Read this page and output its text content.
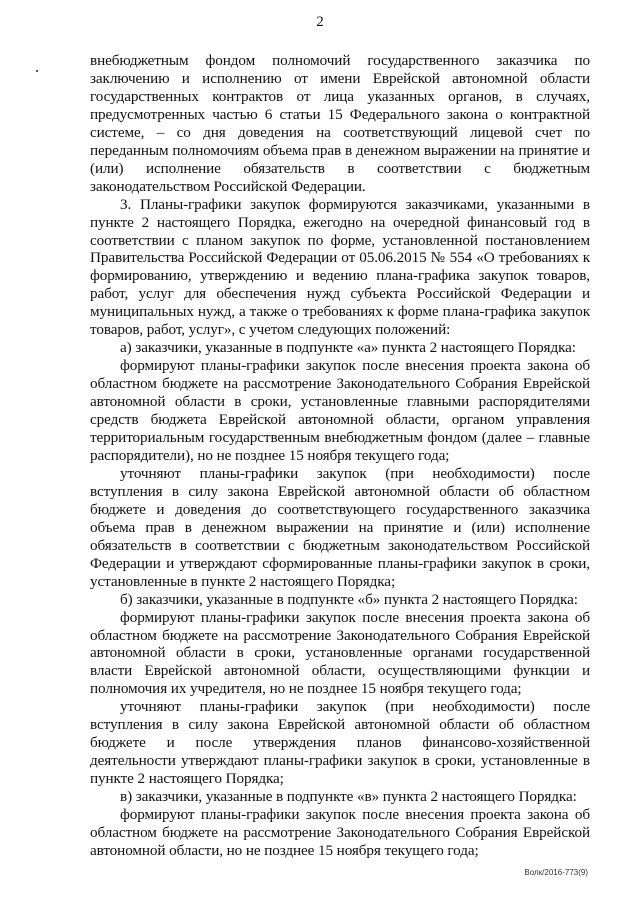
2

внебюджетным фондом полномочий государственного заказчика по заключению и исполнению от имени Еврейской автономной области государственных контрактов от лица указанных органов, в случаях, предусмотренных частью 6 статьи 15 Федерального закона о контрактной системе, – со дня доведения на соответствующий лицевой счет по переданным полномочиям объема прав в денежном выражении на принятие и (или) исполнение обязательств в соответствии с бюджетным законодательством Российской Федерации.

3. Планы-графики закупок формируются заказчиками, указанными в пункте 2 настоящего Порядка, ежегодно на очередной финансовый год в соответствии с планом закупок по форме, установленной постановлением Правительства Российской Федерации от 05.06.2015 № 554 «О требованиях к формированию, утверждению и ведению плана-графика закупок товаров, работ, услуг для обеспечения нужд субъекта Российской Федерации и муниципальных нужд, а также о требованиях к форме плана-графика закупок товаров, работ, услуг», с учетом следующих положений:

а) заказчики, указанные в подпункте «а» пункта 2 настоящего Порядка:

формируют планы-графики закупок после внесения проекта закона об областном бюджете на рассмотрение Законодательного Собрания Еврейской автономной области в сроки, установленные главными распорядителями средств бюджета Еврейской автономной области, органом управления территориальным государственным внебюджетным фондом (далее – главные распорядители), но не позднее 15 ноября текущего года;

уточняют планы-графики закупок (при необходимости) после вступления в силу закона Еврейской автономной области об областном бюджете и доведения до соответствующего государственного заказчика объема прав в денежном выражении на принятие и (или) исполнение обязательств в соответствии с бюджетным законодательством Российской Федерации и утверждают сформированные планы-графики закупок в сроки, установленные в пункте 2 настоящего Порядка;

б) заказчики, указанные в подпункте «б» пункта 2 настоящего Порядка:

формируют планы-графики закупок после внесения проекта закона об областном бюджете на рассмотрение Законодательного Собрания Еврейской автономной области в сроки, установленные органами государственной власти Еврейской автономной области, осуществляющими функции и полномочия их учредителя, но не позднее 15 ноября текущего года;

уточняют планы-графики закупок (при необходимости) после вступления в силу закона Еврейской автономной области об областном бюджете и после утверждения планов финансово-хозяйственной деятельности утверждают планы-графики закупок в сроки, установленные в пункте 2 настоящего Порядка;

в) заказчики, указанные в подпункте «в» пункта 2 настоящего Порядка:

формируют планы-графики закупок после внесения проекта закона об областном бюджете на рассмотрение Законодательного Собрания Еврейской автономной области, но не позднее 15 ноября текущего года;

Волк/2016-773(9)
